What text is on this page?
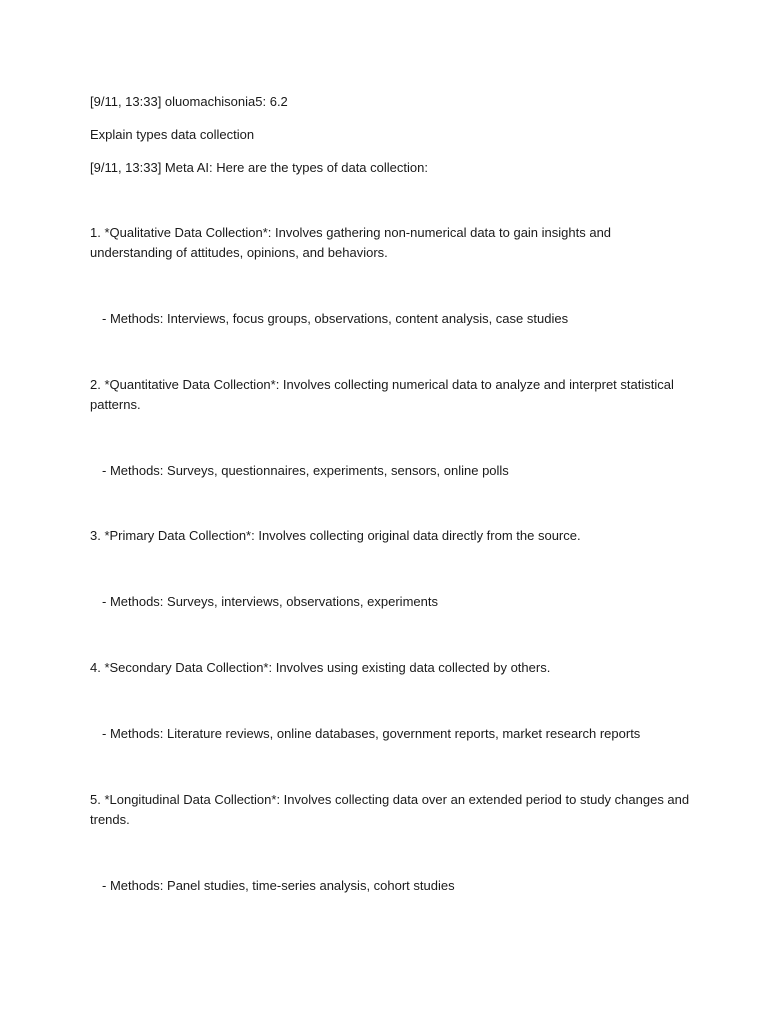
[9/11, 13:33] oluomachisonia5: 6.2

Explain types data collection

[9/11, 13:33] Meta AI: Here are the types of data collection:

1. *Qualitative Data Collection*: Involves gathering non-numerical data to gain insights and understanding of attitudes, opinions, and behaviors.

- Methods: Interviews, focus groups, observations, content analysis, case studies

2. *Quantitative Data Collection*: Involves collecting numerical data to analyze and interpret statistical patterns.

- Methods: Surveys, questionnaires, experiments, sensors, online polls

3. *Primary Data Collection*: Involves collecting original data directly from the source.

- Methods: Surveys, interviews, observations, experiments

4. *Secondary Data Collection*: Involves using existing data collected by others.

- Methods: Literature reviews, online databases, government reports, market research reports

5. *Longitudinal Data Collection*: Involves collecting data over an extended period to study changes and trends.

- Methods: Panel studies, time-series analysis, cohort studies
